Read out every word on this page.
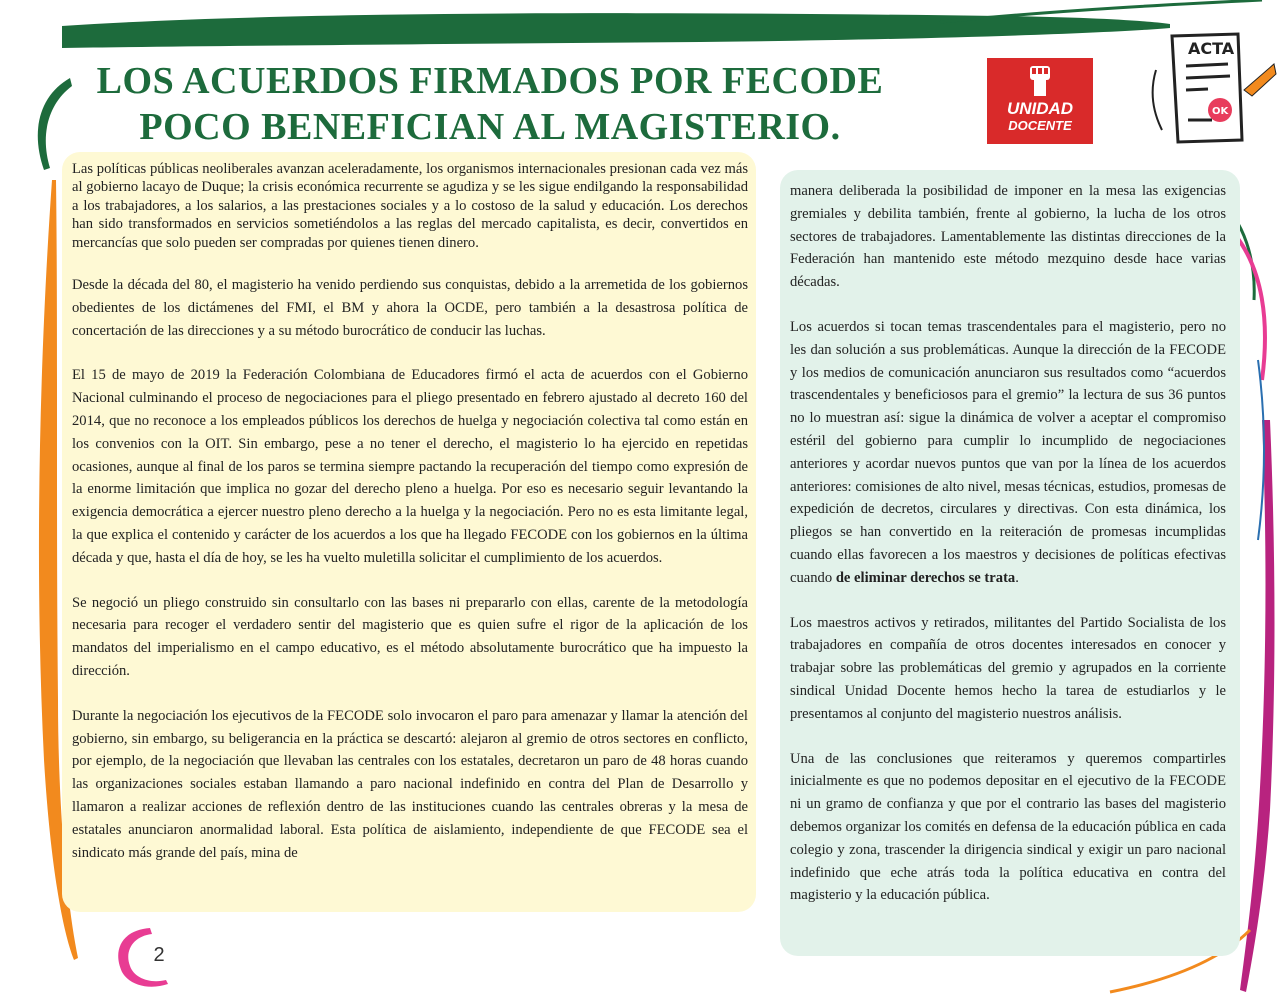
LOS ACUERDOS FIRMADOS POR FECODE
POCO BENEFICIAN AL MAGISTERIO.	UNIDAD
DOCENTE
ACTA
OK

Las políticas públicas neoliberales avanzan aceleradamente, los organismos internacionales presionan cada vez más al gobierno lacayo de Duque; la crisis económica recurrente se agudiza y se les sigue endilgando la responsabilidad a los trabajadores, a los salarios, a las prestaciones sociales y a lo costoso de la salud y educación. Los derechos han sido transformados en servicios sometiéndolos a las reglas del mercado capitalista, es decir, convertidos en mercancías que solo pueden ser compradas por quienes tienen dinero.

Desde la década del 80, el magisterio ha venido perdiendo sus conquistas, debido a la arremetida de los gobiernos obedientes de los dictámenes del FMI, el BM y ahora la OCDE, pero también a la desastrosa política de concertación de las direcciones y a su método burocrático de conducir las luchas.

El 15 de mayo de 2019 la Federación Colombiana de Educadores firmó el acta de acuerdos con el Gobierno Nacional culminando el proceso de negociaciones para el pliego presentado en febrero ajustado al decreto 160 del 2014, que no reconoce a los empleados públicos los derechos de huelga y negociación colectiva tal como están en los convenios con la OIT. Sin embargo, pese a no tener el derecho, el magisterio lo ha ejercido en repetidas ocasiones, aunque al final de los paros se termina siempre pactando la recuperación del tiempo como expresión de la enorme limitación que implica no gozar del derecho pleno a huelga. Por eso es necesario seguir levantando la exigencia democrática a ejercer nuestro pleno derecho a la huelga y la negociación. Pero no es esta limitante legal, la que explica el contenido y carácter de los acuerdos a los que ha llegado FECODE con los gobiernos en la última década y que, hasta el día de hoy, se les ha vuelto muletilla solicitar el cumplimiento de los acuerdos.

Se negoció un pliego construido sin consultarlo con las bases ni prepararlo con ellas, carente de la metodología necesaria para recoger el verdadero sentir del magisterio que es quien sufre el rigor de la aplicación de los mandatos del imperialismo en el campo educativo, es el método absolutamente burocrático que ha impuesto la dirección.

Durante la negociación los ejecutivos de la FECODE solo invocaron el paro para amenazar y llamar la atención del gobierno, sin embargo, su beligerancia en la práctica se descartó: alejaron al gremio de otros sectores en conflicto, por ejemplo, de la negociación que llevaban las centrales con los estatales, decretaron un paro de 48 horas cuando las organizaciones sociales estaban llamando a paro nacional indefinido en contra del Plan de Desarrollo y llamaron a realizar acciones de reflexión dentro de las instituciones cuando las centrales obreras y la mesa de estatales anunciaron anormalidad laboral. Esta política de aislamiento, independiente de que FECODE sea el sindicato más grande del país, mina de

manera deliberada la posibilidad de imponer en la mesa las exigencias gremiales y debilita también, frente al gobierno, la lucha de los otros sectores de trabajadores. Lamentablemente las distintas direcciones de la Federación han mantenido este método mezquino desde hace varias décadas.

Los acuerdos si tocan temas trascendentales para el magisterio, pero no les dan solución a sus problemáticas. Aunque la dirección de la FECODE y los medios de comunicación anunciaron sus resultados como “acuerdos trascendentales y beneficiosos para el gremio” la lectura de sus 36 puntos no lo muestran así: sigue la dinámica de volver a aceptar el compromiso estéril del gobierno para cumplir lo incumplido de negociaciones anteriores y acordar nuevos puntos que van por la línea de los acuerdos anteriores: comisiones de alto nivel, mesas técnicas, estudios, promesas de expedición de decretos, circulares y directivas. Con esta dinámica, los pliegos se han convertido en la reiteración de promesas incumplidas cuando ellas favorecen a los maestros y decisiones de políticas efectivas cuando de eliminar derechos se trata.

Los maestros activos y retirados, militantes del Partido Socialista de los trabajadores en compañía de otros docentes interesados en conocer y trabajar sobre las problemáticas del gremio y agrupados en la corriente sindical Unidad Docente hemos hecho la tarea de estudiarlos y le presentamos al conjunto del magisterio nuestros análisis.

Una de las conclusiones que reiteramos y queremos compartirles inicialmente es que no podemos depositar en el ejecutivo de la FECODE ni un gramo de confianza y que por el contrario las bases del magisterio debemos organizar los comités en defensa de la educación pública en cada colegio y zona, trascender la dirigencia sindical y exigir un paro nacional indefinido que eche atrás toda la política educativa en contra del magisterio y la educación pública.

2
